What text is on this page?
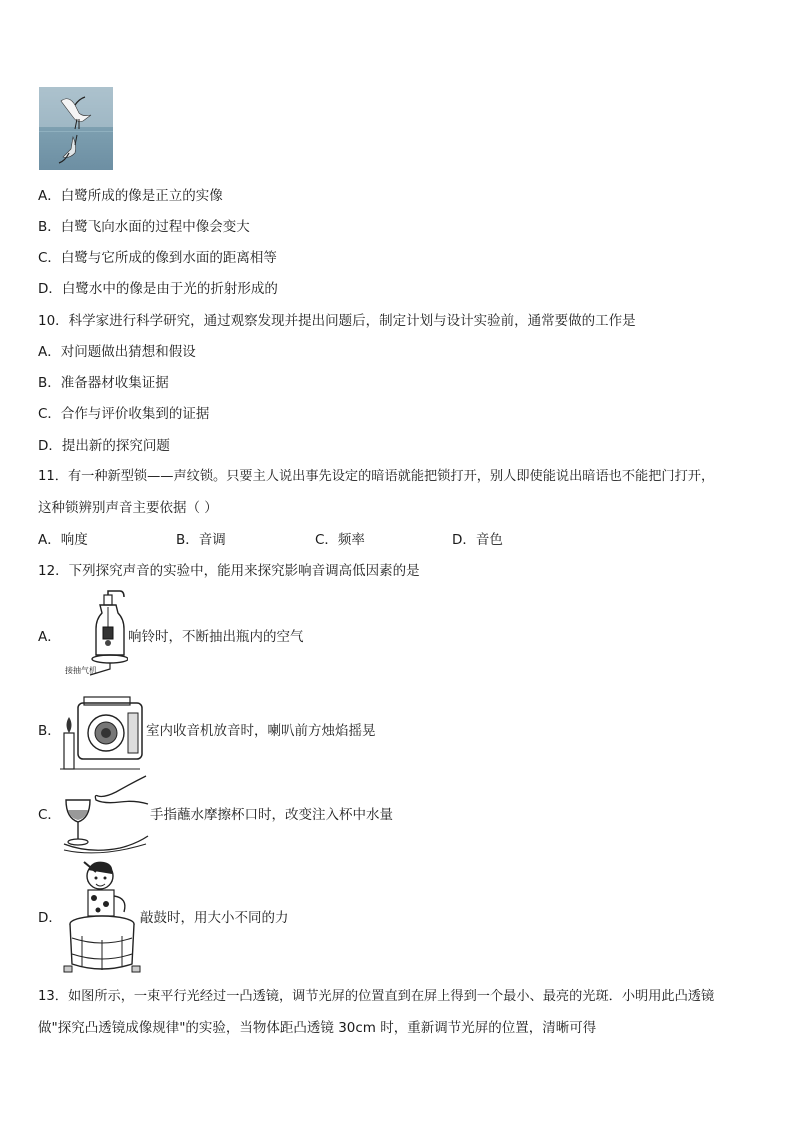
A．白鹭所成的像是正立的实像
B．白鹭飞向水面的过程中像会变大
C．白鹭与它所成的像到水面的距离相等
D．白鹭水中的像是由于光的折射形成的
10．科学家进行科学研究，通过观察发现并提出问题后，制定计划与设计实验前，通常要做的工作是
A．对问题做出猜想和假设
B．准备器材收集证据
C．合作与评价收集到的证据
D．提出新的探究问题
11．有一种新型锁——声纹锁。只要主人说出事先设定的暗语就能把锁打开，别人即使能说出暗语也不能把门打开，
这种锁辨别声音主要依据（ ）
A．响度	B．音调	C．频率	D．音色
12．下列探究声音的实验中，能用来探究影响音调高低因素的是
A．
接抽气机
响铃时，不断抽出瓶内的空气
B．	室内收音机放音时，喇叭前方烛焰摇晃
C．	手指蘸水摩擦杯口时，改变注入杯中水量
D．	敲鼓时，用大小不同的力
13．如图所示，一束平行光经过一凸透镜，调节光屏的位置直到在屏上得到一个最小、最亮的光斑．小明用此凸透镜
做"探究凸透镜成像规律"的实验，当物体距凸透镜 30cm 时，重新调节光屏的位置，清晰可得
